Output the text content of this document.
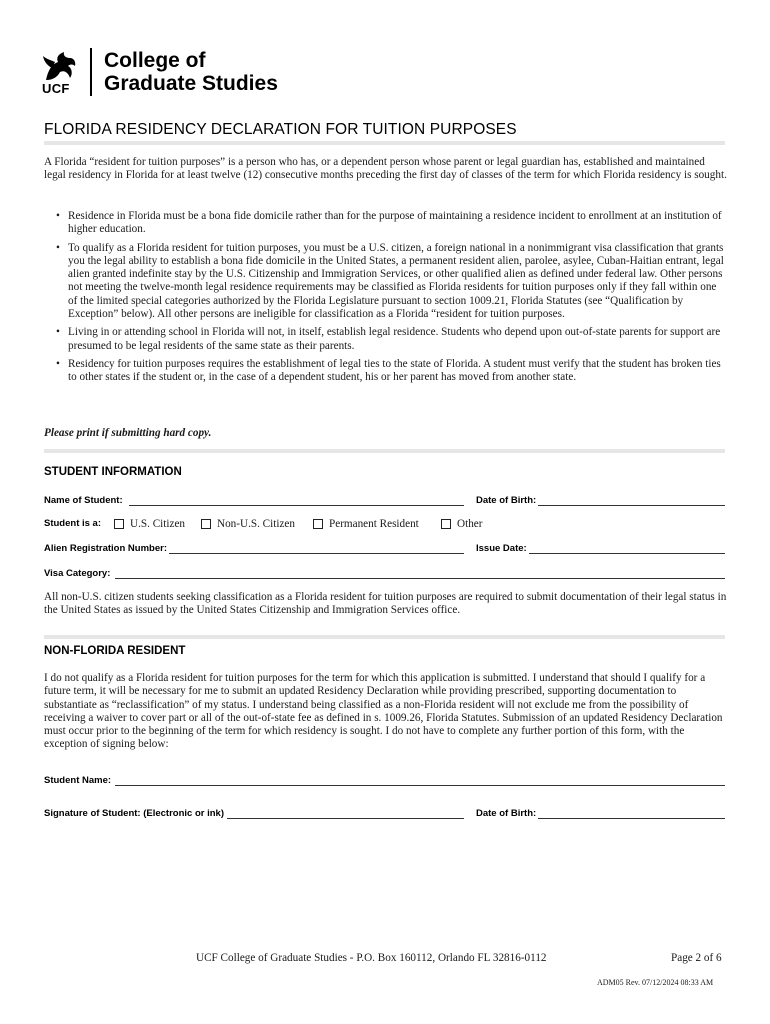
UCF
College of
Graduate Studies
FLORIDA RESIDENCY DECLARATION FOR TUITION PURPOSES

A Florida “resident for tuition purposes” is a person who has, or a dependent person whose parent or legal guardian has, established and maintained legal residency in Florida for at least twelve (12) consecutive months preceding the first day of classes of the term for which Florida residency is sought.

• Residence in Florida must be a bona fide domicile rather than for the purpose of maintaining a residence incident to enrollment at an institution of higher education.
• To qualify as a Florida resident for tuition purposes, you must be a U.S. citizen, a foreign national in a nonimmigrant visa classification that grants you the legal ability to establish a bona fide domicile in the United States, a permanent resident alien, parolee, asylee, Cuban-Haitian entrant, legal alien granted indefinite stay by the U.S. Citizenship and Immigration Services, or other qualified alien as defined under federal law. Other persons not meeting the twelve-month legal residence requirements may be classified as Florida residents for tuition purposes only if they fall within one of the limited special categories authorized by the Florida Legislature pursuant to section 1009.21, Florida Statutes (see “Qualification by Exception” below). All other persons are ineligible for classification as a Florida “resident for tuition purposes.
• Living in or attending school in Florida will not, in itself, establish legal residence. Students who depend upon out-of-state parents for support are presumed to be legal residents of the same state as their parents.
• Residency for tuition purposes requires the establishment of legal ties to the state of Florida. A student must verify that the student has broken ties to other states if the student or, in the case of a dependent student, his or her parent has moved from another state.
Please print if submitting hard copy.
STUDENT INFORMATION
Name of Student:	Date of Birth:
Student is a:	U.S. Citizen	Non-U.S. Citizen	Permanent Resident	Other
Alien Registration Number:	Issue Date:
Visa Category:

All non-U.S. citizen students seeking classification as a Florida resident for tuition purposes are required to submit documentation of their legal status in the United States as issued by the United States Citizenship and Immigration Services office.

NON-FLORIDA RESIDENT

I do not qualify as a Florida resident for tuition purposes for the term for which this application is submitted. I understand that should I qualify for a future term, it will be necessary for me to submit an updated Residency Declaration while providing prescribed, supporting documentation to substantiate as “reclassification” of my status. I understand being classified as a non-Florida resident will not exclude me from the possibility of receiving a waiver to cover part or all of the out-of-state fee as defined in s. 1009.26, Florida Statutes. Submission of an updated Residency Declaration must occur prior to the beginning of the term for which residency is sought. I do not have to complete any further portion of this form, with the exception of signing below:

Student Name:
Signature of Student: (Electronic or ink)	Date of Birth:
UCF College of Graduate Studies - P.O. Box 160112, Orlando FL 32816-0112	Page 2 of 6
ADM05 Rev. 07/12/2024 08:33 AM
